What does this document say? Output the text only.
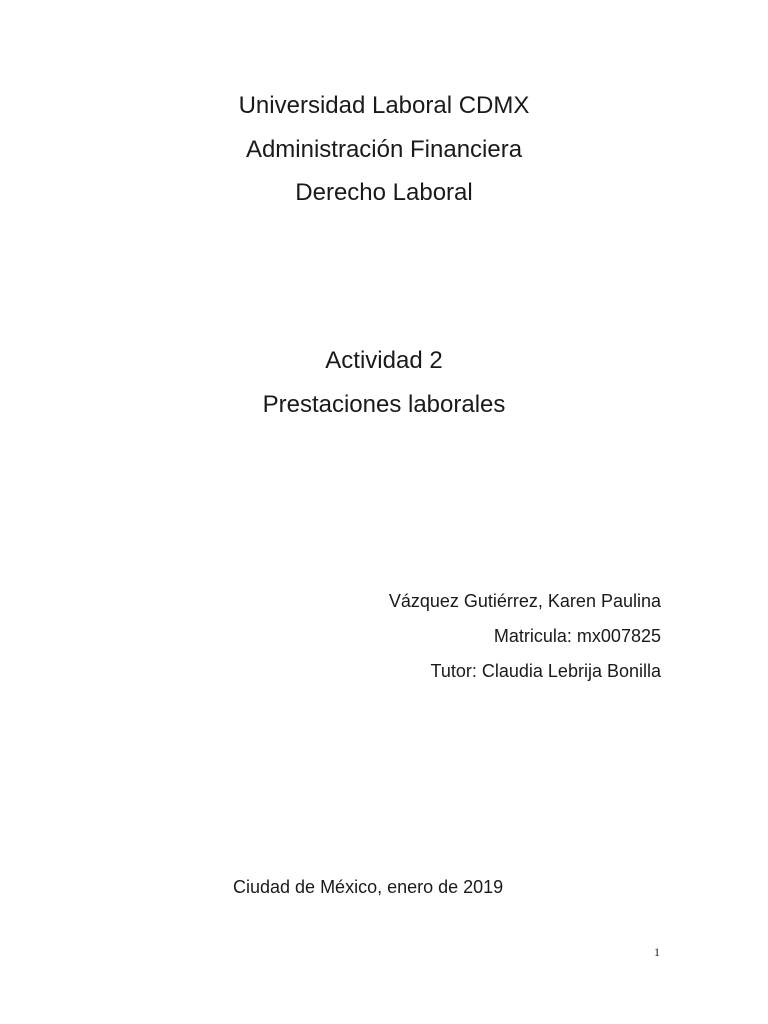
Universidad Laboral CDMX
Administración Financiera
Derecho Laboral
Actividad 2
Prestaciones laborales
Vázquez Gutiérrez, Karen Paulina
Matricula: mx007825
Tutor: Claudia Lebrija Bonilla
Ciudad de México, enero de 2019
1
